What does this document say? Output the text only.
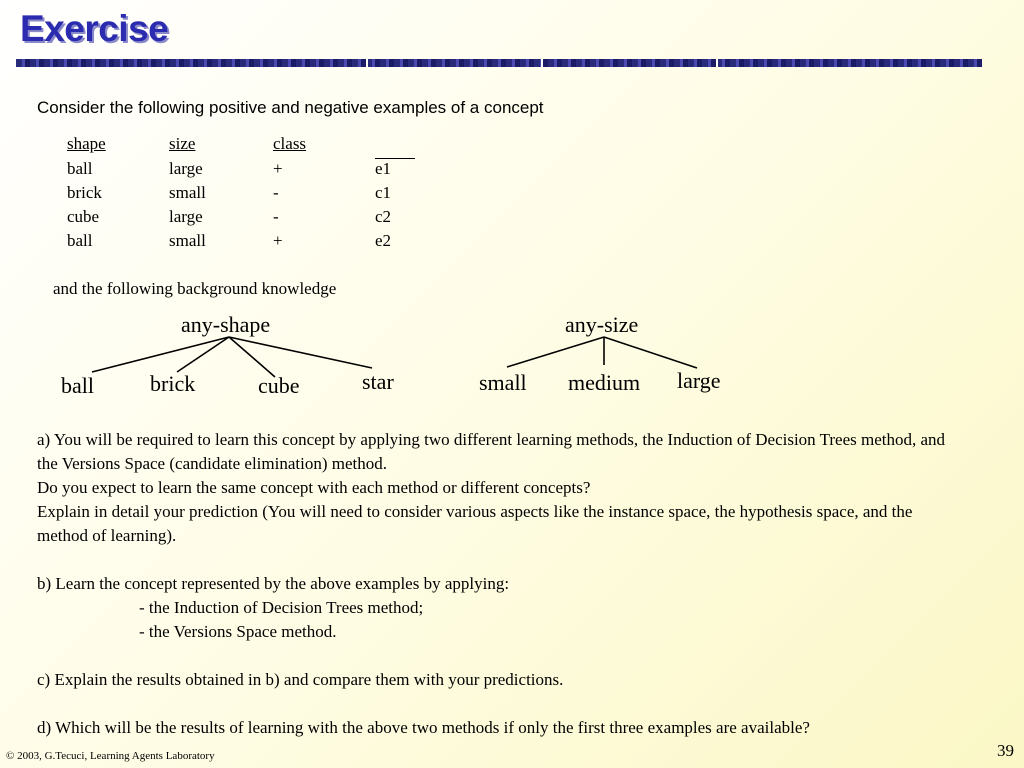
Exercise
Consider the following positive and negative examples of a concept
shape	size	class	
ball	large	+	e1
brick	small	-	c1
cube	large	-	c2
ball	small	+	e2
and the following background knowledge
any-shape
ball	brick	cube	star
any-size
small medium large

a) You will be required to learn this concept by applying two different learning methods, the Induction of Decision Trees method, and the Versions Space (candidate elimination) method.

Do you expect to learn the same concept with each method or different concepts?

Explain in detail your prediction (You will need to consider various aspects like the instance space, the hypothesis space, and the method of learning).

b) Learn the concept represented by the above examples by applying:

- the Induction of Decision Trees method;

- the Versions Space method.

c) Explain the results obtained in b) and compare them with your predictions.

d) Which will be the results of learning with the above two methods if only the first three examples are available?

© 2003, G.Tecuci, Learning Agents Laboratory	39
